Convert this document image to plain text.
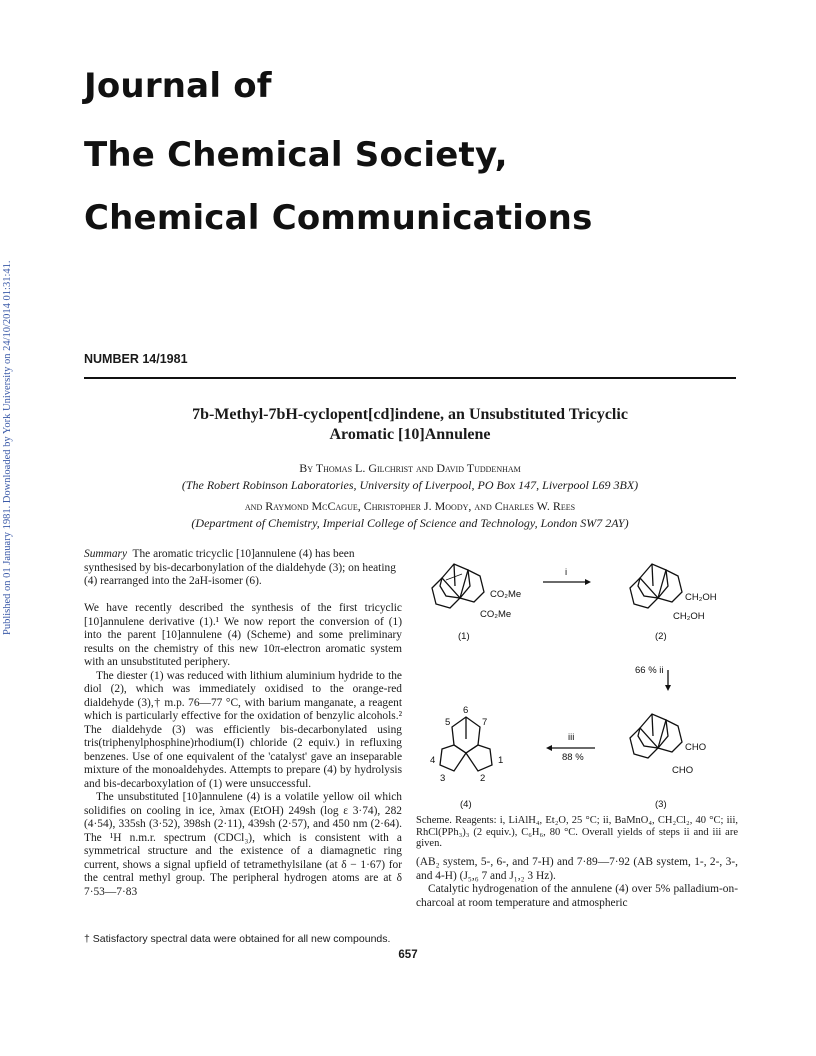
Published on 01 January 1981. Downloaded by York University on 24/10/2014 01:31:41.
Journal of
The Chemical Society,
Chemical Communications
NUMBER 14/1981
7b-Methyl-7bH-cyclopent[cd]indene, an Unsubstituted Tricyclic
Aromatic [10]Annulene
By Thomas L. Gilchrist and David Tuddenham
(The Robert Robinson Laboratories, University of Liverpool, PO Box 147, Liverpool L69 3BX)
and Raymond McCague, Christopher J. Moody, and Charles W. Rees
(Department of Chemistry, Imperial College of Science and Technology, London SW7 2AY)
Summary The aromatic tricyclic [10]annulene (4) has been synthesised by bis-decarbonylation of the dialdehyde (3); on heating (4) rearranged into the 2aH-isomer (6).

We have recently described the synthesis of the first tricyclic [10]annulene derivative (1).¹ We now report the conversion of (1) into the parent [10]annulene (4) (Scheme) and some preliminary results on the chemistry of this new 10π-electron aromatic system with an unsubstituted periphery.

The diester (1) was reduced with lithium aluminium hydride to the diol (2), which was immediately oxidised to the orange-red dialdehyde (3),† m.p. 76—77 °C, with barium manganate, a reagent which is particularly effective for the oxidation of benzylic alcohols.² The dialdehyde (3) was efficiently bis-decarbonylated using tris(triphenylphosphine)rhodium(I) chloride (2 equiv.) in refluxing benzenes. Use of one equivalent of the 'catalyst' gave an inseparable mixture of the monoaldehydes. Attempts to prepare (4) by hydrolysis and bis-decarboxylation of (1) were unsuccessful.

The unsubstituted [10]annulene (4) is a volatile yellow oil which solidifies on cooling in ice, λmax (EtOH) 249sh (log ε 3·74), 282 (4·54), 335sh (3·52), 398sh (2·11), 439sh (2·57), and 450 nm (2·64). The ¹H n.m.r. spectrum (CDCl₃), which is consistent with a symmetrical structure and the existence of a diamagnetic ring current, shows a signal upfield of tetramethylsilane (at δ − 1·67) for the central methyl group. The peripheral hydrogen atoms are at δ 7·53—7·83

CO₂Me
CO₂Me
CH₂OH
CH₂OH
CHO
CHO
(1)	(2)
(3)
(4)
i
66 % ii
iii
88 %
6
5	7
4	1
3	2
Scheme. Reagents: i, LiAlH₄, Et₂O, 25 °C; ii, BaMnO₄, CH₂Cl₂, 40 °C; iii, RhCl(PPh₃)₃ (2 equiv.), C₆H₆, 80 °C. Overall yields of steps ii and iii are given.

(AB₂ system, 5-, 6-, and 7-H) and 7·89—7·92 (AB system, 1-, 2-, 3-, and 4-H) (J₅,₆ 7 and J₁,₂ 3 Hz).

Catalytic hydrogenation of the annulene (4) over 5% palladium-on-charcoal at room temperature and atmospheric

† Satisfactory spectral data were obtained for all new compounds.
657
